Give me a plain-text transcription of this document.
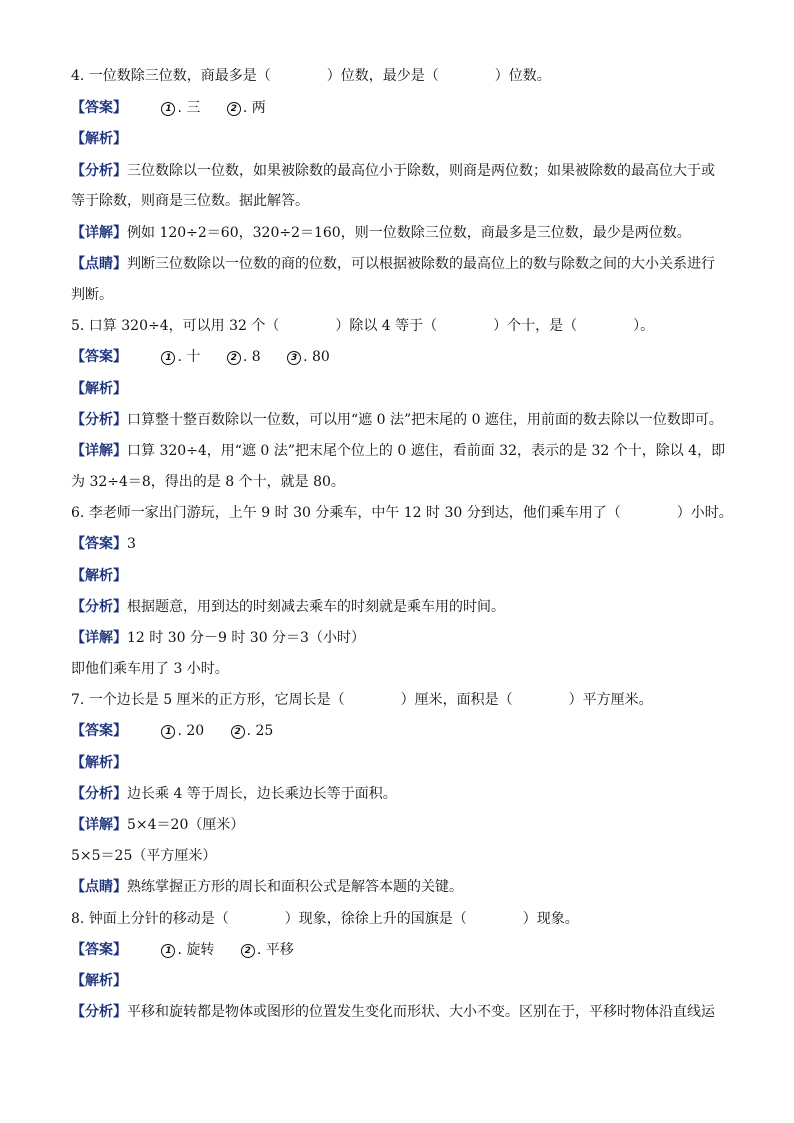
4. 一位数除三位数，商最多是（　　　　）位数，最少是（　　　　）位数。
【答案】	1 . 三	2 . 两
【解析】
【分析】三位数除以一位数，如果被除数的最高位小于除数，则商是两位数；如果被除数的最高位大于或
等于除数，则商是三位数。据此解答。
【详解】例如 120÷2＝60，320÷2＝160，则一位数除三位数，商最多是三位数，最少是两位数。
【点睛】判断三位数除以一位数的商的位数，可以根据被除数的最高位上的数与除数之间的大小关系进行
判断。
5. 口算 320÷4，可以用 32 个（　　　　）除以 4 等于（　　　　）个十，是（　　　　）。
【答案】	1 . 十	2 . 8	3 . 80
【解析】
【分析】口算整十整百数除以一位数，可以用“遮 0 法”把末尾的 0 遮住，用前面的数去除以一位数即可。
【详解】口算 320÷4，用“遮 0 法”把末尾个位上的 0 遮住，看前面 32，表示的是 32 个十，除以 4，即
为 32÷4＝8，得出的是 8 个十，就是 80。
6. 李老师一家出门游玩，上午 9 时 30 分乘车，中午 12 时 30 分到达，他们乘车用了（　　　　）小时。
【答案】3
【解析】
【分析】根据题意，用到达的时刻减去乘车的时刻就是乘车用的时间。
【详解】12 时 30 分－9 时 30 分＝3（小时）
即他们乘车用了 3 小时。
7. 一个边长是 5 厘米的正方形，它周长是（　　　　）厘米，面积是（　　　　）平方厘米。
【答案】	1 . 20	2 . 25
【解析】
【分析】边长乘 4 等于周长，边长乘边长等于面积。
【详解】5×4＝20（厘米）
5×5＝25（平方厘米）
【点睛】熟练掌握正方形的周长和面积公式是解答本题的关键。
8. 钟面上分针的移动是（　　　　）现象，徐徐上升的国旗是（　　　　）现象。
【答案】	1 . 旋转	2 . 平移
【解析】
【分析】平移和旋转都是物体或图形的位置发生变化而形状、大小不变。区别在于，平移时物体沿直线运
